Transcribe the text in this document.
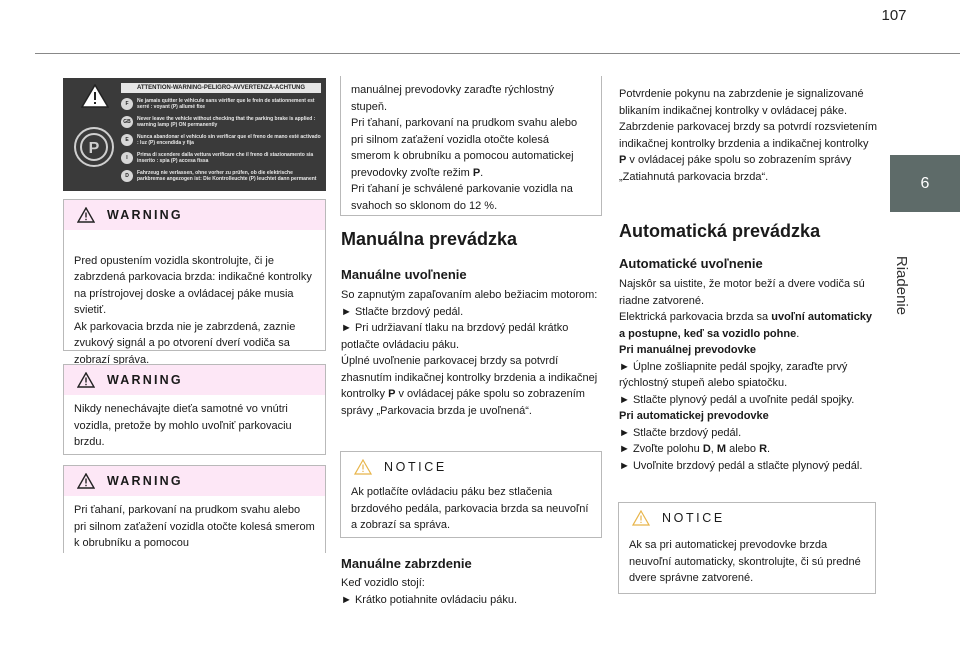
107
6
Riadenie
ATTENTION-WARNING-PELIGRO-AVVERTENZA-ACHTUNG
P
F	Ne jamais quitter le véhicule sans vérifier que le frein de stationnement est serré : voyant (P) allumé fixe
GB	Never leave the vehicle without checking that the parking brake is applied : warning lamp (P) ON permanently
E	Nunca abandonar el vehículo sin verificar que el freno de mano esté activado : luz (P) encendida y fija
I	Prima di scendere dalla vettura verificare che il freno di stazionamento sia inserito : spia (P) accesa fissa
D	Fahrzeug nie verlassen, ohne vorher zu prüfen, ob die elektrische parkbremse angezogen ist: Die Kontrolleuchte (P) leuchtet dann permanent
WARNING

Pred opustením vozidla skontrolujte, či je zabrzdená parkovacia brzda: indikačné kontrolky na prístrojovej doske a ovládacej páke musia svietiť.
Ak parkovacia brzda nie je zabrzdená, zaznie zvukový signál a po otvorení dverí vodiča sa zobrazí správa.

WARNING

Nikdy nenechávajte dieťa samotné vo vnútri vozidla, pretože by mohlo uvoľniť parkovaciu brzdu.

WARNING

Pri ťahaní, parkovaní na prudkom svahu alebo pri silnom zaťažení vozidla otočte kolesá smerom k obrubníku a pomocou

manuálnej prevodovky zaraďte rýchlostný stupeň.

Pri ťahaní, parkovaní na prudkom svahu alebo pri silnom zaťažení vozidla otočte kolesá smerom k obrubníku a pomocou automatickej prevodovky zvoľte režim P.

Pri ťahaní je schválené parkovanie vozidla na svahoch so sklonom do 12 %.

Manuálna prevádzka
Manuálne uvoľnenie

So zapnutým zapaľovaním alebo bežiacim motorom:

► Stlačte brzdový pedál.

► Pri udržiavaní tlaku na brzdový pedál krátko potlačte ovládaciu páku.

Úplné uvoľnenie parkovacej brzdy sa potvrdí zhasnutím indikačnej kontrolky brzdenia a indikačnej kontrolky P v ovládacej páke spolu so zobrazením správy „Parkovacia brzda je uvoľnená“.

NOTICE

Ak potlačíte ovládaciu páku bez stlačenia brzdového pedála, parkovacia brzda sa neuvoľní a zobrazí sa správa.

Manuálne zabrzdenie

Keď vozidlo stojí:

► Krátko potiahnite ovládaciu páku.

Potvrdenie pokynu na zabrzdenie je signalizované blikaním indikačnej kontrolky v ovládacej páke.

Zabrzdenie parkovacej brzdy sa potvrdí rozsvietením indikačnej kontrolky brzdenia a indikačnej kontrolky P v ovládacej páke spolu so zobrazením správy „Zatiahnutá parkovacia brzda“.

Automatická prevádzka
Automatické uvoľnenie

Najskôr sa uistite, že motor beží a dvere vodiča sú riadne zatvorené.

Elektrická parkovacia brzda sa uvoľní automaticky a postupne, keď sa vozidlo pohne.

Pri manuálnej prevodovke

► Úplne zošliapnite pedál spojky, zaraďte prvý rýchlostný stupeň alebo spiatočku.

► Stlačte plynový pedál a uvoľnite pedál spojky.

Pri automatickej prevodovke

► Stlačte brzdový pedál.

► Zvoľte polohu D, M alebo R.

► Uvoľnite brzdový pedál a stlačte plynový pedál.

NOTICE

Ak sa pri automatickej prevodovke brzda neuvoľní automaticky, skontrolujte, či sú predné dvere správne zatvorené.
